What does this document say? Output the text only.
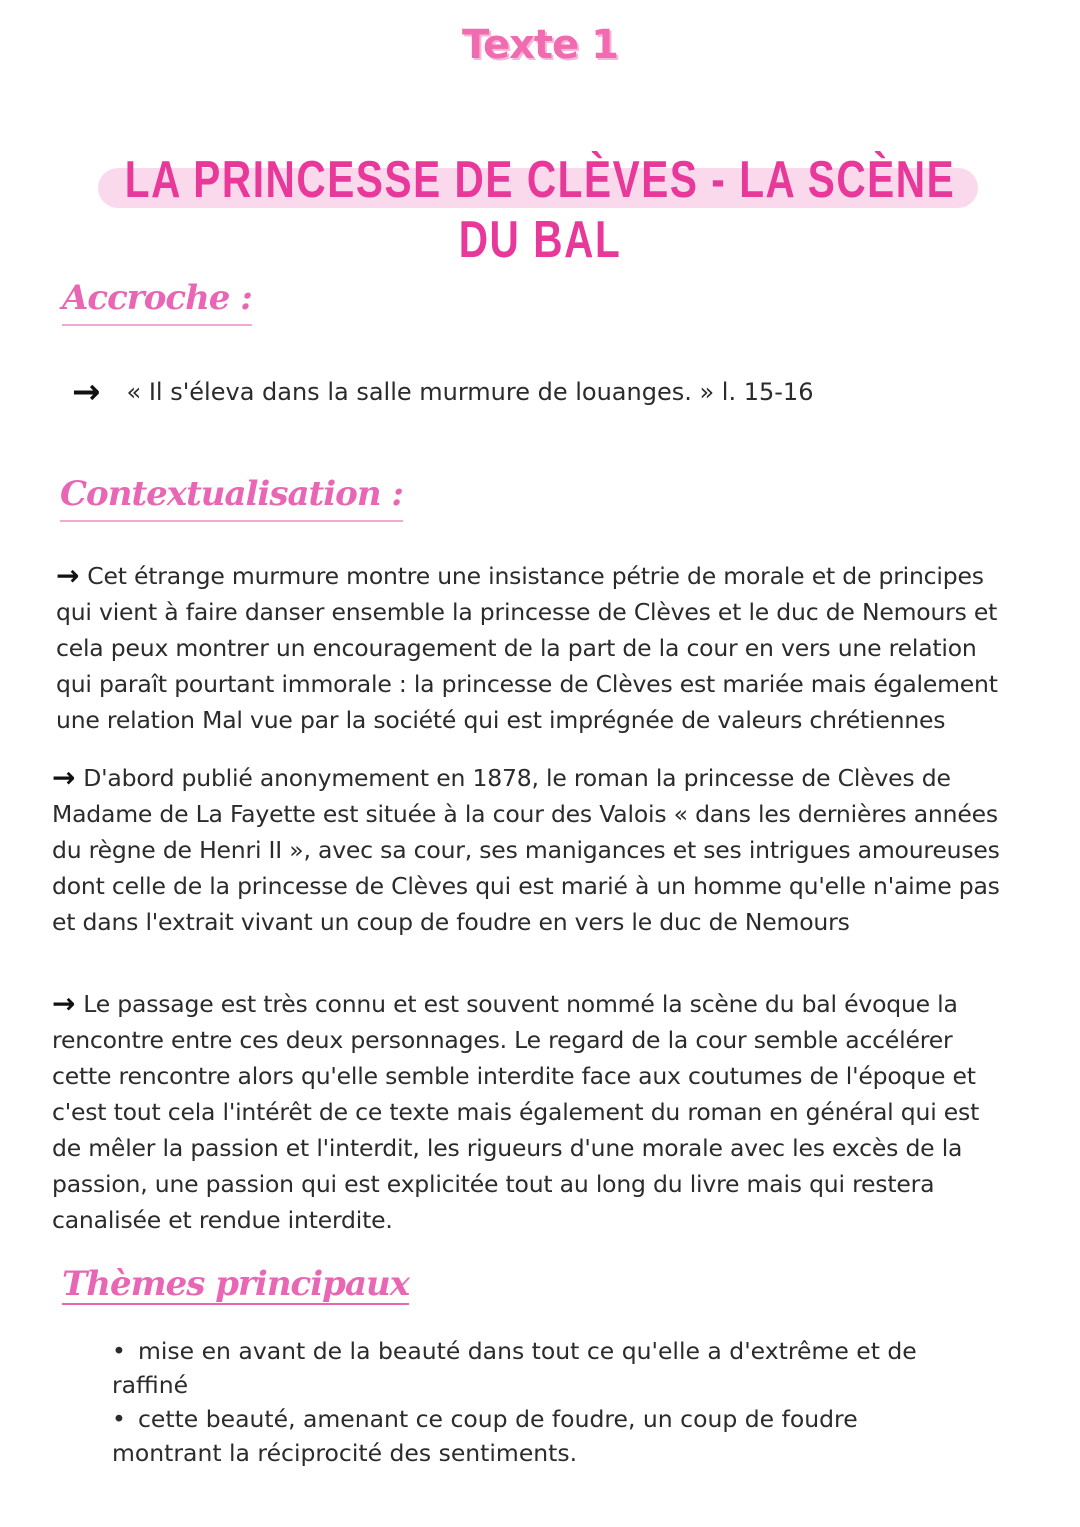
Texte 1
LA PRINCESSE DE CLÈVES - LA SCÈNE DU BAL
Accroche :
→ « Il s'éleva dans la salle murmure de louanges. » l. 15-16
Contextualisation :
→ Cet étrange murmure montre une insistance pétrie de morale et de principes qui vient à faire danser ensemble la princesse de Clèves et le duc de Nemours et cela peux montrer un encouragement de la part de la cour en vers une relation qui paraît pourtant immorale : la princesse de Clèves est mariée mais également une relation Mal vue par la société qui est imprégnée de valeurs chrétiennes
→ D'abord publié anonymement en 1878, le roman la princesse de Clèves de Madame de La Fayette est située à la cour des Valois « dans les dernières années du règne de Henri II », avec sa cour, ses manigances et ses intrigues amoureuses dont celle de la princesse de Clèves qui est marié à un homme qu'elle n'aime pas et dans l'extrait vivant un coup de foudre en vers le duc de Nemours
→ Le passage est très connu et est souvent nommé la scène du bal évoque la rencontre entre ces deux personnages. Le regard de la cour semble accélérer cette rencontre alors qu'elle semble interdite face aux coutumes de l'époque et c'est tout cela l'intérêt de ce texte mais également du roman en général qui est de mêler la passion et l'interdit, les rigueurs d'une morale avec les excès de la passion, une passion qui est explicitée tout au long du livre mais qui restera canalisée et rendue interdite.
Thèmes principaux
• mise en avant de la beauté dans tout ce qu'elle a d'extrême et de raffiné
• cette beauté, amenant ce coup de foudre, un coup de foudre montrant la réciprocité des sentiments.
